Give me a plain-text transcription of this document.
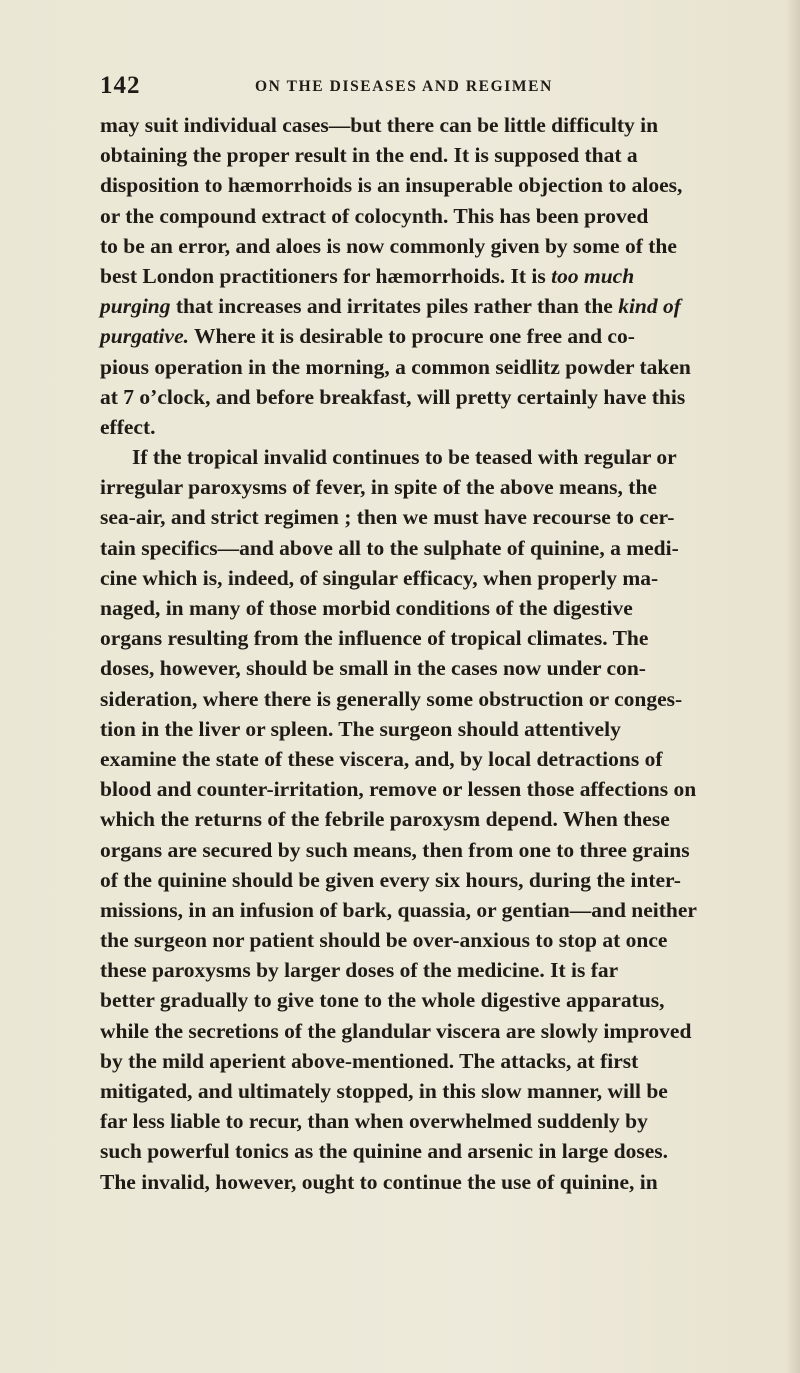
142	ON THE DISEASES AND REGIMEN
may suit individual cases—but there can be little difficulty in
obtaining the proper result in the end. It is supposed that a
disposition to hæmorrhoids is an insuperable objection to aloes,
or the compound extract of colocynth. This has been proved
to be an error, and aloes is now commonly given by some of the
best London practitioners for hæmorrhoids. It is too much
purging that increases and irritates piles rather than the kind of
purgative. Where it is desirable to procure one free and co-
pious operation in the morning, a common seidlitz powder taken
at 7 o’clock, and before breakfast, will pretty certainly have this
effect.
If the tropical invalid continues to be teased with regular or
irregular paroxysms of fever, in spite of the above means, the
sea-air, and strict regimen ; then we must have recourse to cer-
tain specifics—and above all to the sulphate of quinine, a medi-
cine which is, indeed, of singular efficacy, when properly ma-
naged, in many of those morbid conditions of the digestive
organs resulting from the influence of tropical climates. The
doses, however, should be small in the cases now under con-
sideration, where there is generally some obstruction or conges-
tion in the liver or spleen. The surgeon should attentively
examine the state of these viscera, and, by local detractions of
blood and counter-irritation, remove or lessen those affections on
which the returns of the febrile paroxysm depend. When these
organs are secured by such means, then from one to three grains
of the quinine should be given every six hours, during the inter-
missions, in an infusion of bark, quassia, or gentian—and neither
the surgeon nor patient should be over-anxious to stop at once
these paroxysms by larger doses of the medicine. It is far
better gradually to give tone to the whole digestive apparatus,
while the secretions of the glandular viscera are slowly improved
by the mild aperient above-mentioned. The attacks, at first
mitigated, and ultimately stopped, in this slow manner, will be
far less liable to recur, than when overwhelmed suddenly by
such powerful tonics as the quinine and arsenic in large doses.
The invalid, however, ought to continue the use of quinine, in
